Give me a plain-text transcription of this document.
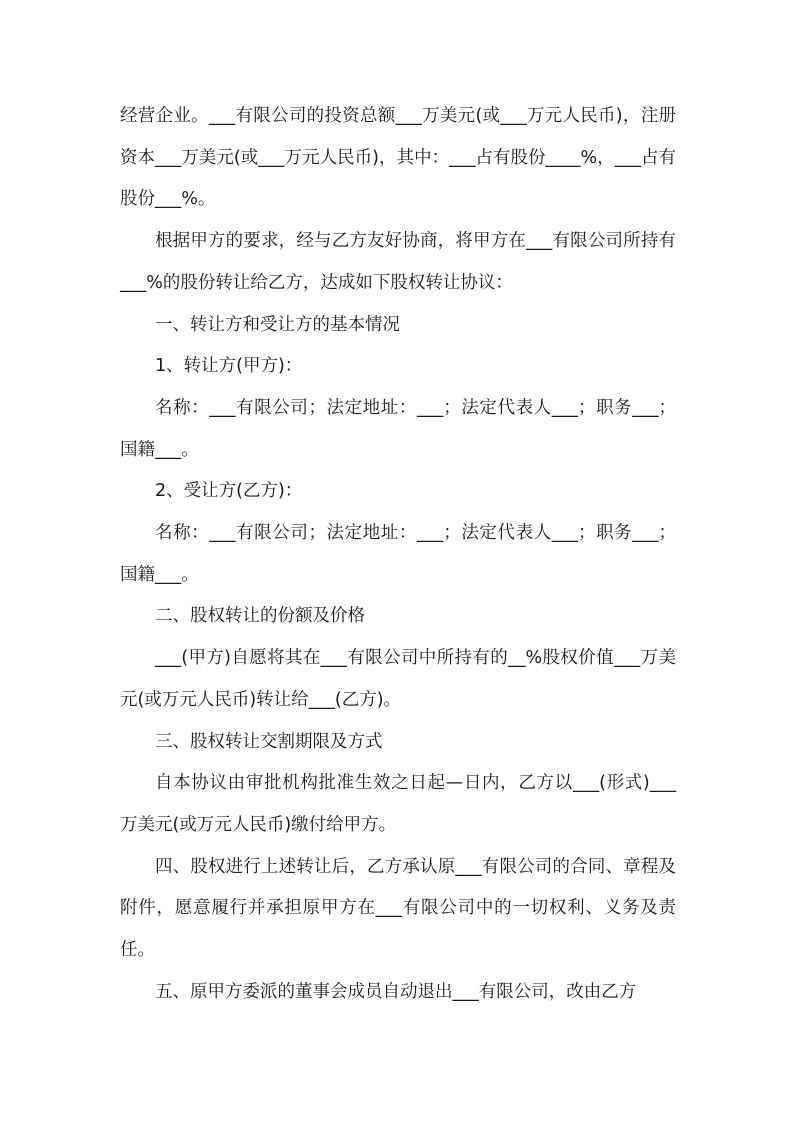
经营企业。___有限公司的投资总额___万美元(或___万元人民币)，注册资本___万美元(或___万元人民币)，其中：___占有股份____%，___占有股份___%。

根据甲方的要求，经与乙方友好协商，将甲方在___有限公司所持有___%的股份转让给乙方，达成如下股权转让协议：

一、转让方和受让方的基本情况

1、转让方(甲方)：

名称：___有限公司；法定地址：___；法定代表人___；职务___；国籍___。

2、受让方(乙方)：

名称：___有限公司；法定地址：___；法定代表人___；职务___；国籍___。

二、股权转让的份额及价格

___(甲方)自愿将其在___有限公司中所持有的__%股权价值___万美元(或万元人民币)转让给___(乙方)。

三、股权转让交割期限及方式

自本协议由审批机构批准生效之日起—日内，乙方以___(形式)___万美元(或万元人民币)缴付给甲方。

四、股权进行上述转让后，乙方承认原___有限公司的合同、章程及附件，愿意履行并承担原甲方在___有限公司中的一切权利、义务及责任。

五、原甲方委派的董事会成员自动退出___有限公司，改由乙方
